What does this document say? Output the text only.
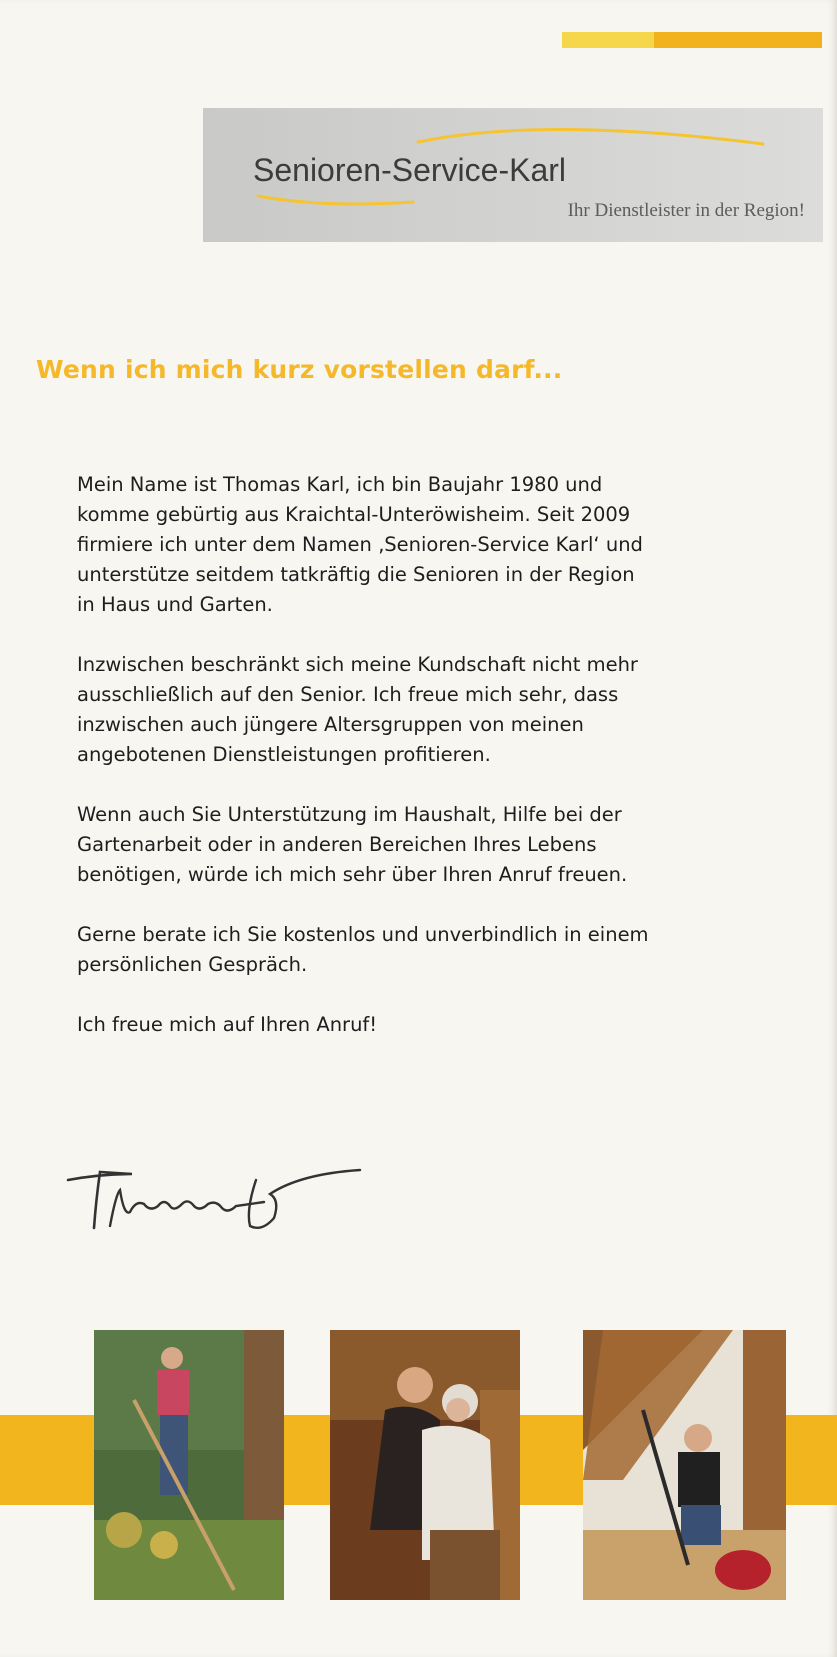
Senioren-Service-Karl
Ihr Dienstleister in der Region!
Wenn ich mich kurz vorstellen darf...

Mein Name ist Thomas Karl, ich bin Baujahr 1980 und
komme gebürtig aus Kraichtal-Unteröwisheim. Seit 2009
firmiere ich unter dem Namen ‚Senioren-Service Karl‘ und
unterstütze seitdem tatkräftig die Senioren in der Region
in Haus und Garten.

Inzwischen beschränkt sich meine Kundschaft nicht mehr
ausschließlich auf den Senior. Ich freue mich sehr, dass
inzwischen auch jüngere Altersgruppen von meinen
angebotenen Dienstleistungen profitieren.

Wenn auch Sie Unterstützung im Haushalt, Hilfe bei der
Gartenarbeit oder in anderen Bereichen Ihres Lebens
benötigen, würde ich mich sehr über Ihren Anruf freuen.

Gerne berate ich Sie kostenlos und unverbindlich in einem
persönlichen Gespräch.

Ich freue mich auf Ihren Anruf!
